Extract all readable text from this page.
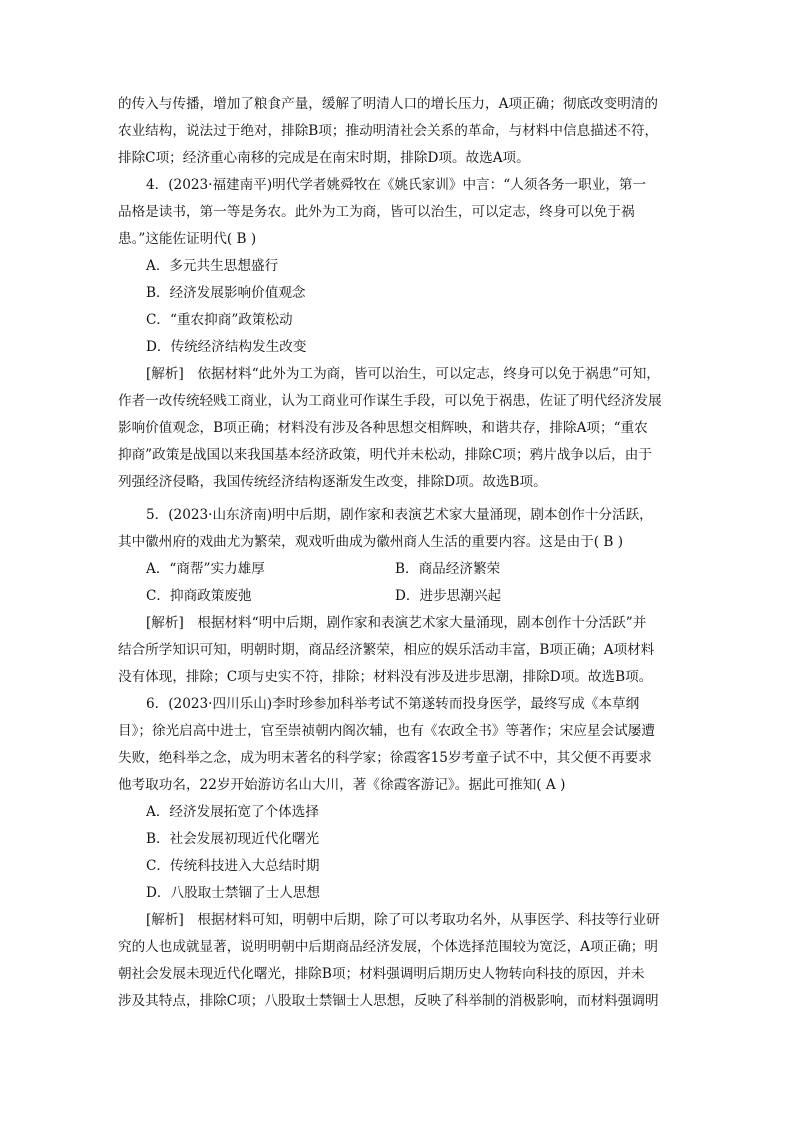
的传入与传播，增加了粮食产量，缓解了明清人口的增长压力，A项正确；彻底改变明清的
农业结构，说法过于绝对，排除B项；推动明清社会关系的革命，与材料中信息描述不符，
排除C项；经济重心南移的完成是在南宋时期，排除D项。故选A项。
4．(2023·福建南平)明代学者姚舜牧在《姚氏家训》中言：“人须各务一职业，第一
品格是读书，第一等是务农。此外为工为商，皆可以治生，可以定志，终身可以免于祸
患。”这能佐证明代( B )
A．多元共生思想盛行
B．经济发展影响价值观念
C．“重农抑商”政策松动
D．传统经济结构发生改变
[解析]　依据材料“此外为工为商，皆可以治生，可以定志，终身可以免于祸患”可知，
作者一改传统轻贱工商业，认为工商业可作谋生手段，可以免于祸患，佐证了明代经济发展
影响价值观念，B项正确；材料没有涉及各种思想交相辉映，和谐共存，排除A项；“重农
抑商”政策是战国以来我国基本经济政策，明代并未松动，排除C项；鸦片战争以后，由于
列强经济侵略，我国传统经济结构逐渐发生改变，排除D项。故选B项。
5．(2023·山东济南)明中后期，剧作家和表演艺术家大量涌现，剧本创作十分活跃，
其中徽州府的戏曲尤为繁荣，观戏听曲成为徽州商人生活的重要内容。这是由于( B )
A．“商帮”实力雄厚	B．商品经济繁荣
C．抑商政策废弛	D．进步思潮兴起
[解析]　根据材料“明中后期，剧作家和表演艺术家大量涌现，剧本创作十分活跃”并
结合所学知识可知，明朝时期，商品经济繁荣，相应的娱乐活动丰富，B项正确；A项材料
没有体现，排除；C项与史实不符，排除；材料没有涉及进步思潮，排除D项。故选B项。
6．(2023·四川乐山)李时珍参加科举考试不第遂转而投身医学，最终写成《本草纲
目》；徐光启高中进士，官至崇祯朝内阁次辅，也有《农政全书》等著作；宋应星会试屡遭
失败，绝科举之念，成为明末著名的科学家；徐霞客15岁考童子试不中，其父便不再要求
他考取功名，22岁开始游访名山大川，著《徐霞客游记》。据此可推知( A )
A．经济发展拓宽了个体选择
B．社会发展初现近代化曙光
C．传统科技进入大总结时期
D．八股取士禁锢了士人思想
[解析]　根据材料可知，明朝中后期，除了可以考取功名外，从事医学、科技等行业研
究的人也成就显著，说明明朝中后期商品经济发展，个体选择范围较为宽泛，A项正确；明
朝社会发展未现近代化曙光，排除B项；材料强调明后期历史人物转向科技的原因，并未
涉及其特点，排除C项；八股取士禁锢士人思想，反映了科举制的消极影响，而材料强调明
